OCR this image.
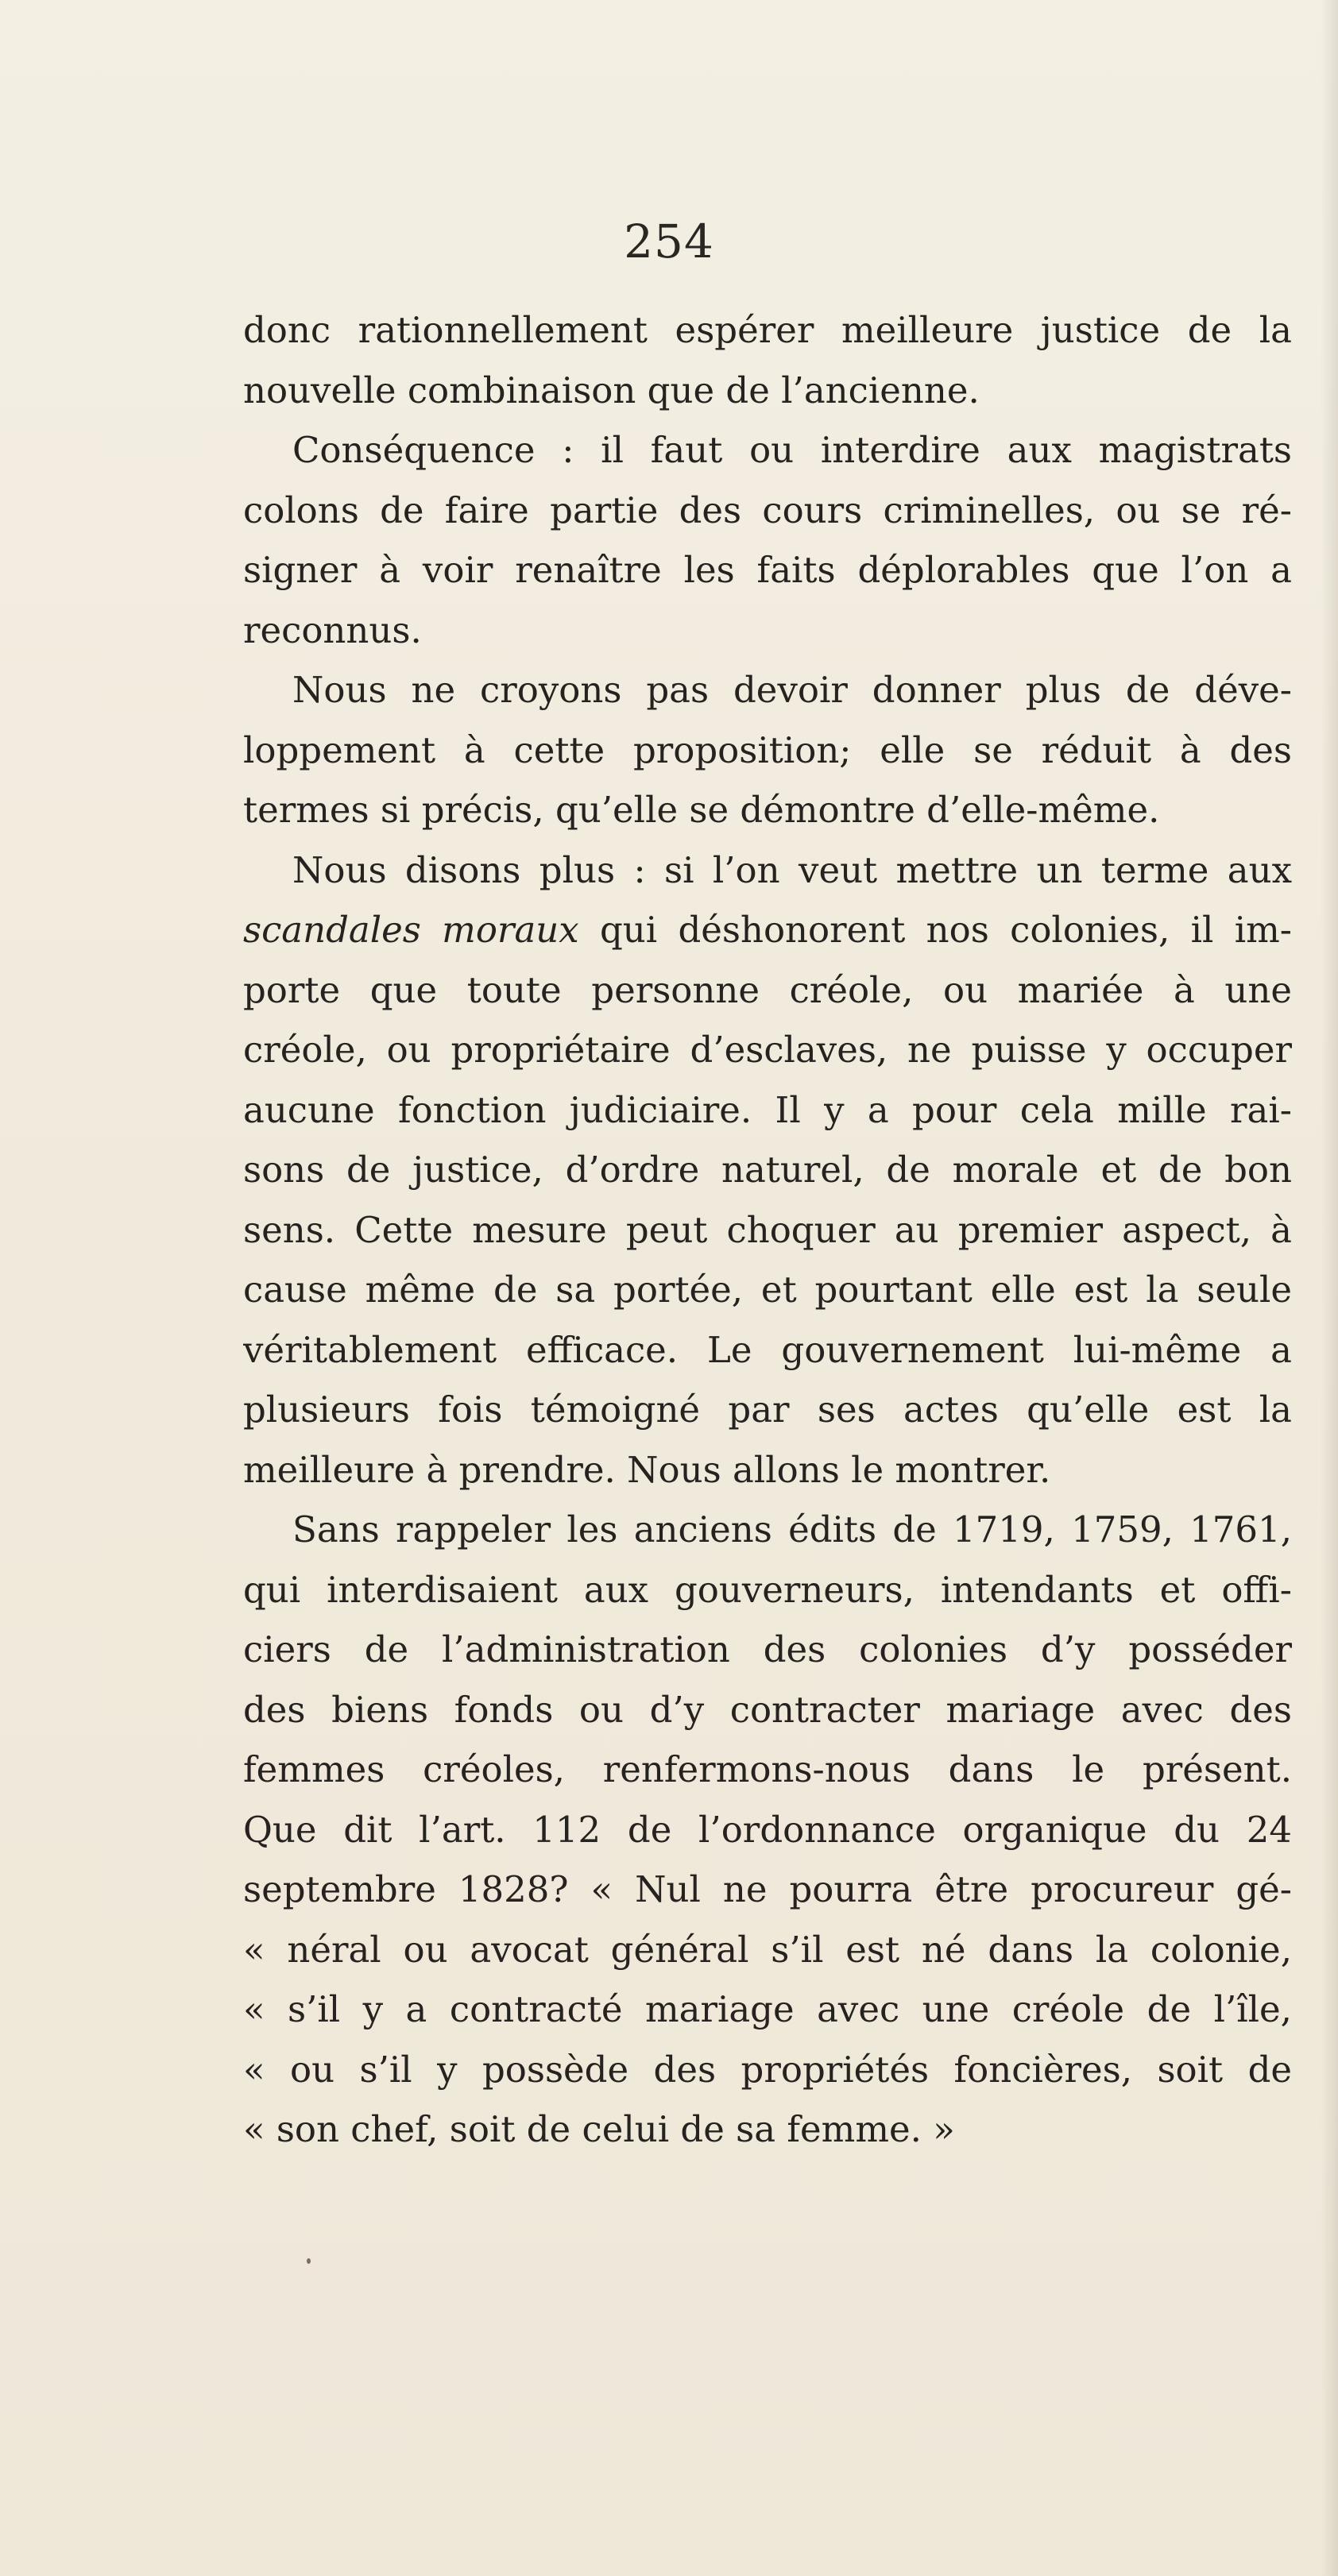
254
donc rationnellement espérer meilleure justice de la
nouvelle combinaison que de l’ancienne.
Conséquence : il faut ou interdire aux magistrats
colons de faire partie des cours criminelles, ou se ré-
signer à voir renaître les faits déplorables que l’on a
reconnus.
Nous ne croyons pas devoir donner plus de déve-
loppement à cette proposition; elle se réduit à des
termes si précis, qu’elle se démontre d’elle-même.
Nous disons plus : si l’on veut mettre un terme aux
scandales moraux qui déshonorent nos colonies, il im-
porte que toute personne créole, ou mariée à une
créole, ou propriétaire d’esclaves, ne puisse y occuper
aucune fonction judiciaire. Il y a pour cela mille rai-
sons de justice, d’ordre naturel, de morale et de bon
sens. Cette mesure peut choquer au premier aspect, à
cause même de sa portée, et pourtant elle est la seule
véritablement efficace. Le gouvernement lui-même a
plusieurs fois témoigné par ses actes qu’elle est la
meilleure à prendre. Nous allons le montrer.
Sans rappeler les anciens édits de 1719, 1759, 1761,
qui interdisaient aux gouverneurs, intendants et offi-
ciers de l’administration des colonies d’y posséder
des biens fonds ou d’y contracter mariage avec des
femmes créoles, renfermons-nous dans le présent.
Que dit l’art. 112 de l’ordonnance organique du 24
septembre 1828? « Nul ne pourra être procureur gé-
« néral ou avocat général s’il est né dans la colonie,
« s’il y a contracté mariage avec une créole de l’île,
« ou s’il y possède des propriétés foncières, soit de
« son chef, soit de celui de sa femme. »
